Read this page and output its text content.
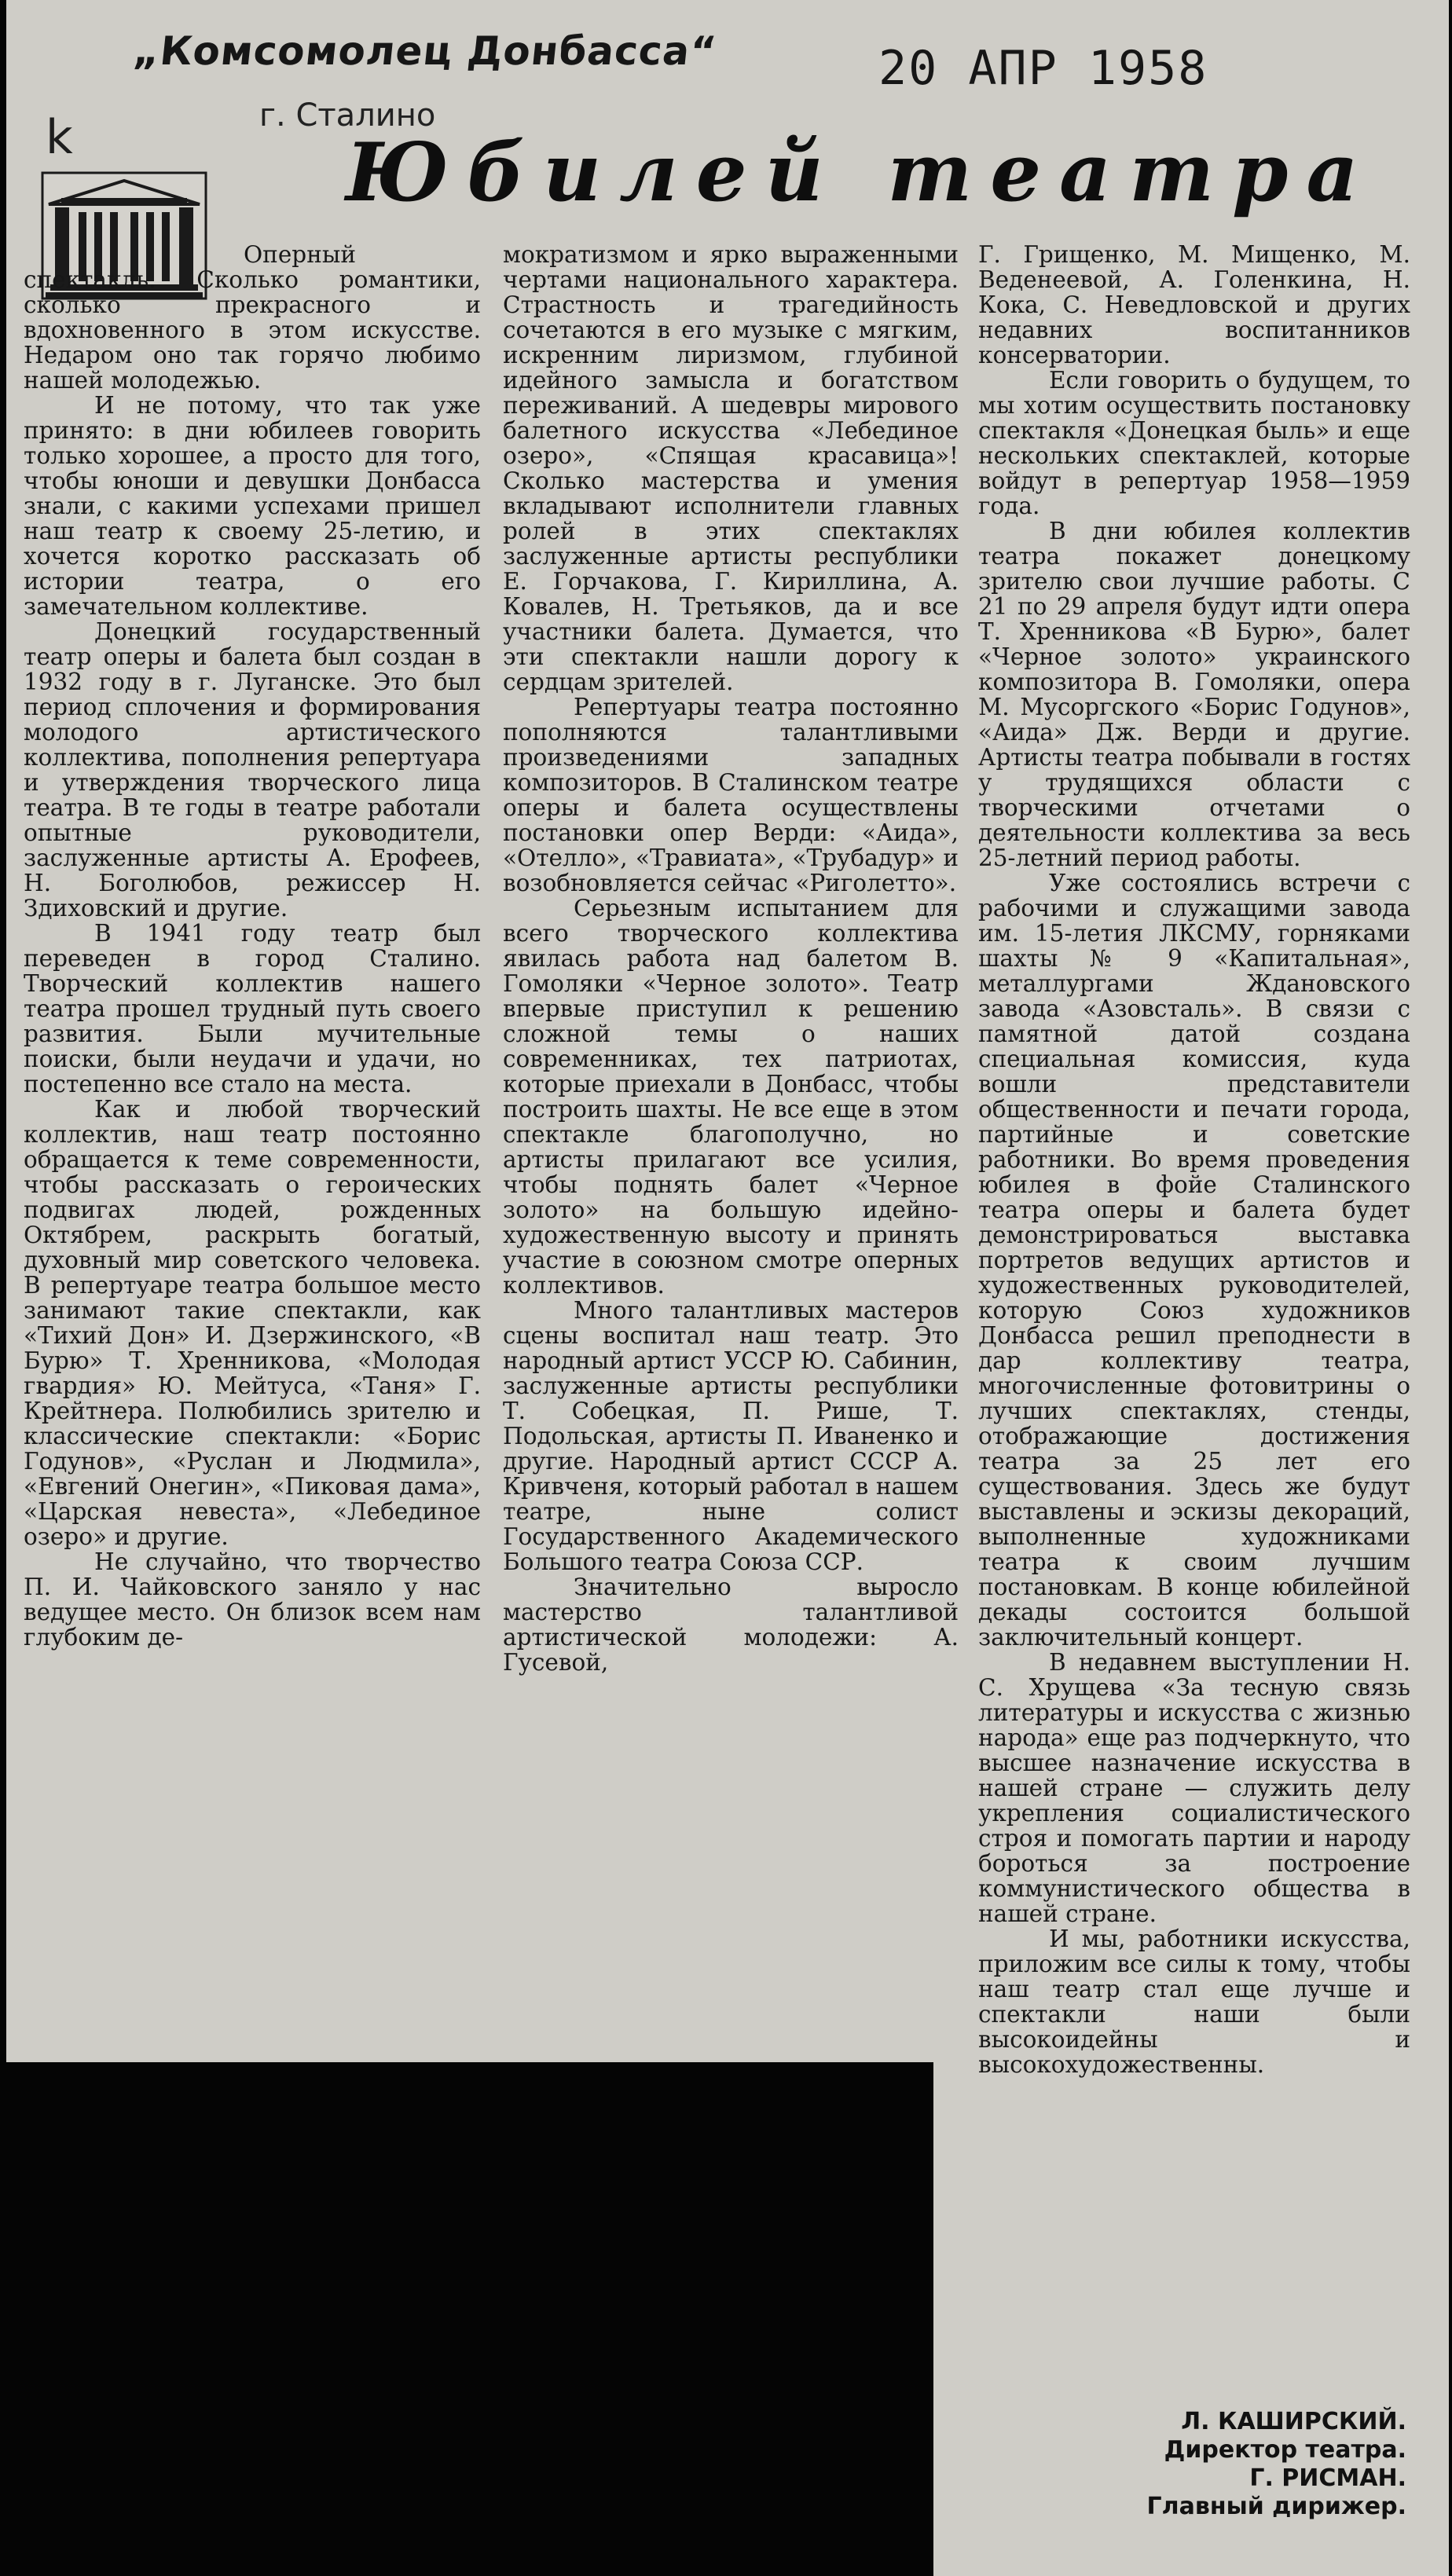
„Комсомолец Донбасса“
г. Сталино
20 АПР 1958
k	Юбилей театра

Оперный спектакль. Сколько романтики, сколько прекрасного и вдохновенного в этом искусстве. Недаром оно так горячо любимо нашей молодежью.

И не потому, что так уже принято: в дни юбилеев говорить только хорошее, а просто для того, чтобы юноши и девушки Донбасса знали, с какими успехами пришел наш театр к своему 25-летию, и хочется коротко рассказать об истории театра, о его замечательном коллективе.

Донецкий государственный театр оперы и балета был создан в 1932 году в г. Луганске. Это был период сплочения и формирования молодого артистического коллектива, пополнения репертуара и утверждения творческого лица театра. В те годы в театре работали опытные руководители, заслуженные артисты А. Ерофеев, Н. Боголюбов, режиссер Н. Здиховский и другие.

В 1941 году театр был переведен в город Сталино. Творческий коллектив нашего театра прошел трудный путь своего развития. Были мучительные поиски, были неудачи и удачи, но постепенно все стало на места.

Как и любой творческий коллектив, наш театр постоянно обращается к теме современности, чтобы рассказать о героических подвигах людей, рожденных Октябрем, раскрыть богатый, духовный мир советского человека. В репертуаре театра большое место занимают такие спектакли, как «Тихий Дон» И. Дзержинского, «В Бурю» Т. Хренникова, «Молодая гвардия» Ю. Мейтуса, «Таня» Г. Крейтнера. Полюбились зрителю и классические спектакли: «Борис Годунов», «Руслан и Людмила», «Евгений Онегин», «Пиковая дама», «Царская невеста», «Лебединое озеро» и другие.

Не случайно, что творчество П. И. Чайковского заняло у нас ведущее место. Он близок всем нам глубоким де-

мократизмом и ярко выраженными чертами национального характера. Страстность и трагедийность сочетаются в его музыке с мягким, искренним лиризмом, глубиной идейного замысла и богатством переживаний. А шедевры мирового балетного искусства «Лебединое озеро», «Спящая красавица»! Сколько мастерства и умения вкладывают исполнители главных ролей в этих спектаклях заслуженные артисты республики Е. Горчакова, Г. Кириллина, А. Ковалев, Н. Третьяков, да и все участники балета. Думается, что эти спектакли нашли дорогу к сердцам зрителей.

Репертуары театра постоянно пополняются талантливыми произведениями западных композиторов. В Сталинском театре оперы и балета осуществлены постановки опер Верди: «Аида», «Отелло», «Травиата», «Трубадур» и возобновляется сейчас «Риголетто».

Серьезным испытанием для всего творческого коллектива явилась работа над балетом В. Гомоляки «Черное золото». Театр впервые приступил к решению сложной темы о наших современниках, тех патриотах, которые приехали в Донбасс, чтобы построить шахты. Не все еще в этом спектакле благополучно, но артисты прилагают все усилия, чтобы поднять балет «Черное золото» на большую идейно-художественную высоту и принять участие в союзном смотре оперных коллективов.

Много талантливых мастеров сцены воспитал наш театр. Это народный артист УССР Ю. Сабинин, заслуженные артисты республики Т. Собецкая, П. Рише, Т. Подольская, артисты П. Иваненко и другие. Народный артист СССР А. Кривченя, который работал в нашем театре, ныне солист Государственного Академического Большого театра Союза ССР.

Значительно выросло мастерство талантливой артистической молодежи: А. Гусевой,

Г. Грищенко, М. Мищенко, М. Веденеевой, А. Голенкина, Н. Кока, С. Неведловской и других недавних воспитанников консерватории.

Если говорить о будущем, то мы хотим осуществить постановку спектакля «Донецкая быль» и еще нескольких спектаклей, которые войдут в репертуар 1958—1959 года.

В дни юбилея коллектив театра покажет донецкому зрителю свои лучшие работы. С 21 по 29 апреля будут идти опера Т. Хренникова «В Бурю», балет «Черное золото» украинского композитора В. Гомоляки, опера М. Мусоргского «Борис Годунов», «Аида» Дж. Верди и другие. Артисты театра побывали в гостях у трудящихся области с творческими отчетами о деятельности коллектива за весь 25-летний период работы.

Уже состоялись встречи с рабочими и служащими завода им. 15-летия ЛКСМУ, горняками шахты № 9 «Капитальная», металлургами Ждановского завода «Азовсталь». В связи с памятной датой создана специальная комиссия, куда вошли представители общественности и печати города, партийные и советские работники. Во время проведения юбилея в фойе Сталинского театра оперы и балета будет демонстрироваться выставка портретов ведущих артистов и художественных руководителей, которую Союз художников Донбасса решил преподнести в дар коллективу театра, многочисленные фотовитрины о лучших спектаклях, стенды, отображающие достижения театра за 25 лет его существования. Здесь же будут выставлены и эскизы декораций, выполненные художниками театра к своим лучшим постановкам. В конце юбилейной декады состоится большой заключительный концерт.

В недавнем выступлении Н. С. Хрущева «За тесную связь литературы и искусства с жизнью народа» еще раз подчеркнуто, что высшее назначение искусства в нашей стране — служить делу укрепления социалистического строя и помогать партии и народу бороться за построение коммунистического общества в нашей стране.

И мы, работники искусства, приложим все силы к тому, чтобы наш театр стал еще лучше и спектакли наши были высокоидейны и высокохудожественны.

Л. КАШИРСКИЙ.
Директор театра.
Г. РИСМАН.
Главный дирижер.
